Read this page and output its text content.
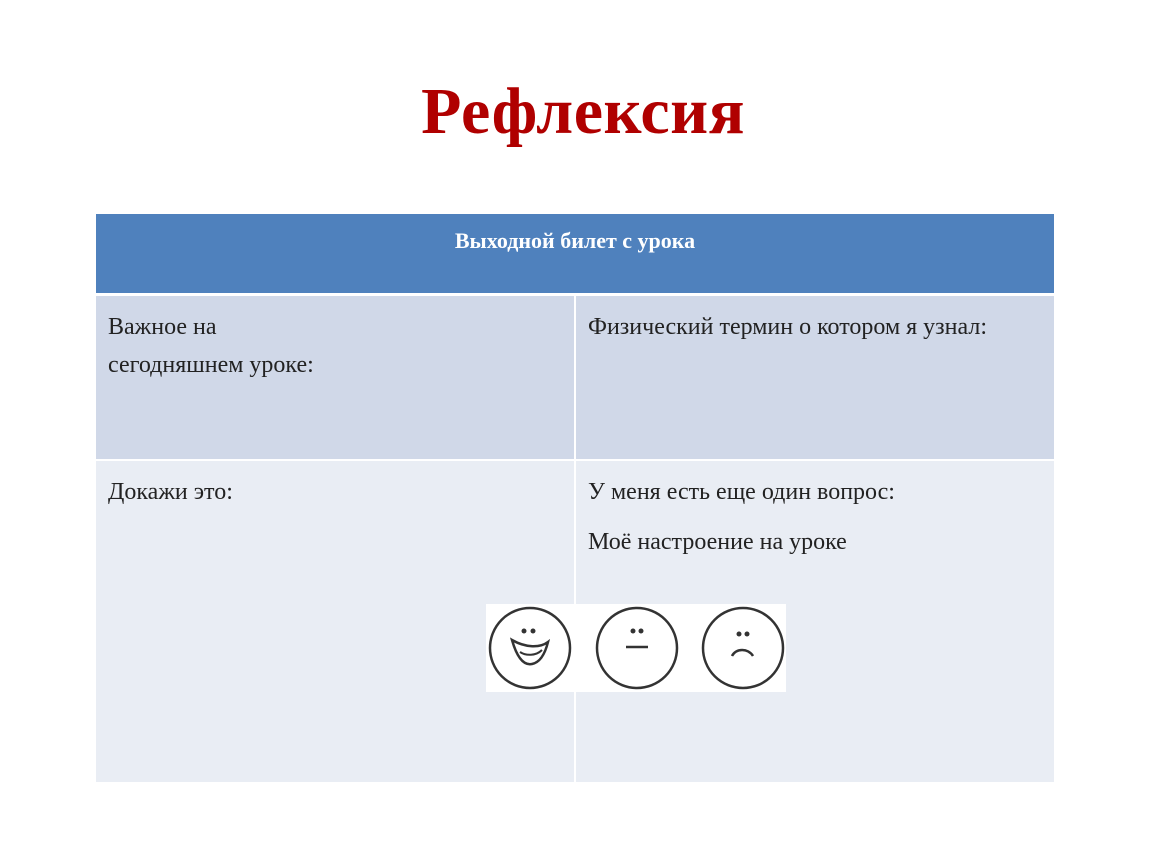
Рефлексия
Выходной билет с урока	

Важное на
сегодняшнем уроке:	Физический термин о котором я узнал:

Докажи это:	У меня есть еще один вопрос:
Моё настроение на уроке
